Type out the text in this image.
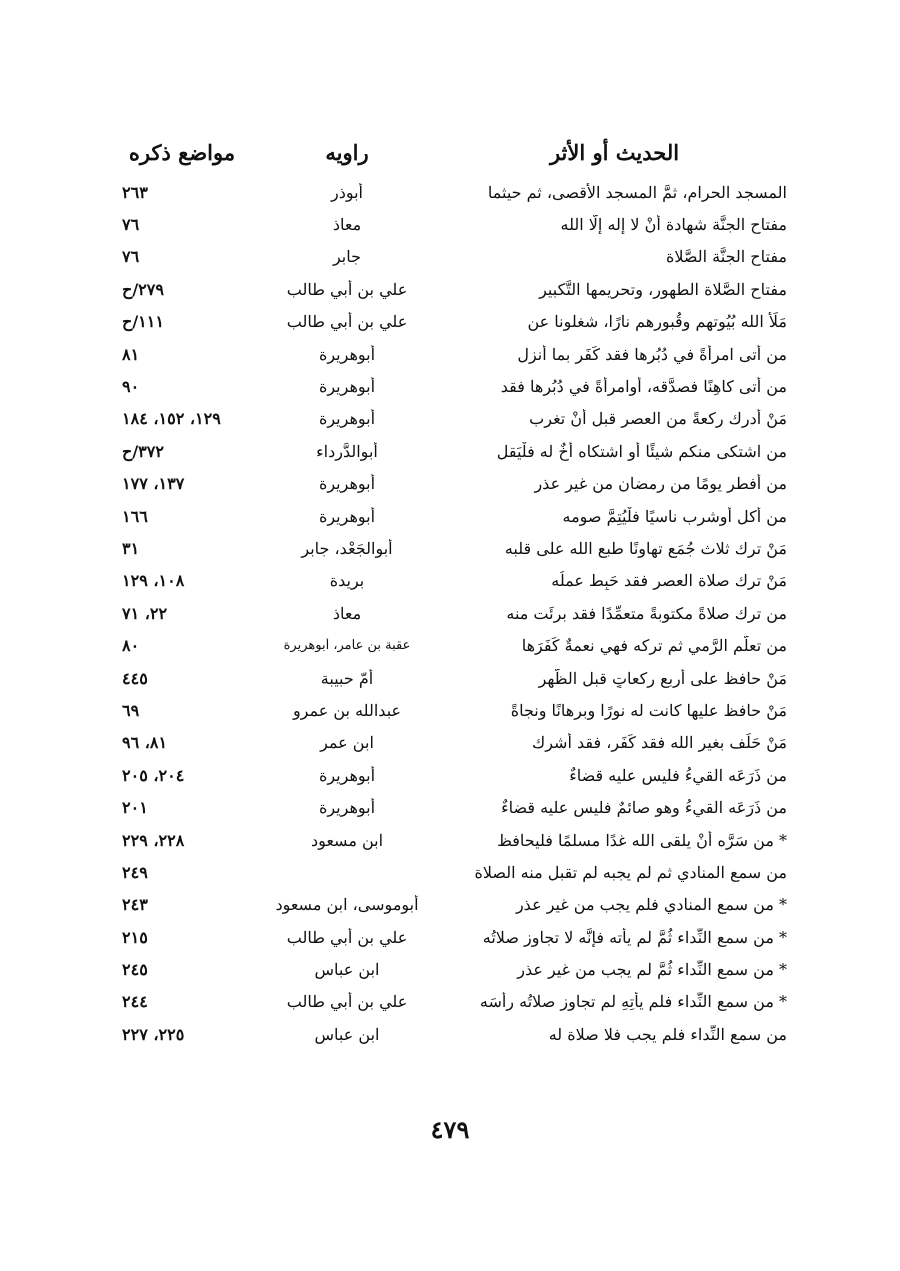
الحديث أو الأثر
راويه
مواضع ذكره
المسجد الحرام، ثمَّ المسجد الأقصى، ثم حيثما
أبوذر
٢٦٣
مفتاح الجنَّة شهادة أنْ لا إله إلَّا الله
معاذ
٧٦
مفتاح الجنَّة الصَّلاة
جابر
٧٦
مفتاح الصَّلاة الطهور، وتحريمها التَّكبير
علي بن أبي طالب
٢٧٩/ح
مَلَأَ الله بُيُوتهم وقُبورهم نارًا، شغلونا عن
علي بن أبي طالب
١١١/ح
من أتى امرأةً في دُبُرها فقد كَفَر بما أُنزل
أبوهريرة
٨١
من أتى كاهِنًا فصدَّقه، أوامرأةً في دُبُرها فقد
أبوهريرة
٩٠
مَنْ أدرك ركعةً من العصر قبل أنْ تغرب
أبوهريرة
١٢٩، ١٥٢، ١٨٤
من اشتكى منكم شيئًا أو اشتكاه أخٌ له فلْيَقل
أبوالدَّرداء
٣٧٢/ح
من أفطر يومًا من رمضان من غير عذرٍ
أبوهريرة
١٣٧، ١٧٧
من أكل أوشرب ناسيًا فلْيُتِمَّ صومه
أبوهريرة
١٦٦
مَنْ ترك ثلاث جُمَعٍ تهاونًا طبع الله على قلبه
أبوالجَعْد، جابر
٣١
مَنْ ترك صلاة العصر فقد حَبِط عملُه
بريدة
١٠٨، ١٢٩
من ترك صلاةً مكتوبةً متعمِّدًا فقد برِئَت منه
معاذ
٢٢، ٧١
من تعلَّم الرَّمي ثم تركه فهي نعمةٌ كَفَرَها
عقبة بن عامر، أبوهريرة
٨٠
مَنْ حافظ على أربع ركعاتٍ قبل الظُّهر
أمّ حبيبة
٤٤٥
مَنْ حافظ عليها كانت له نورًا وبرهانًا ونجاةً
عبدالله بن عمرو
٦٩
مَنْ حَلَف بغير الله فقد كَفَر، فقد أشرك
ابن عمر
٨١، ٩٦
من ذَرَعَه القيءُ فليس عليه قضاءٌ
أبوهريرة
٢٠٤، ٢٠٥
من ذَرَعَه القيءُ وهو صائمٌ فليس عليه قضاءٌ
أبوهريرة
٢٠١
* من سَرَّه أنْ يلقى الله غدًا مسلمًا فليحافظ
ابن مسعود
٢٢٨، ٢٢٩
من سمع المنادي ثم لم يجبه لم تقبل منه الصلاة
٢٤٩
* من سمع المنادي فلم يجب من غير عذرٍ
أبوموسى، ابن مسعود
٢٤٣
* من سمع النِّداء ثُمَّ لم يأته فإنَّه لا تجاوز صلاتُه
علي بن أبي طالب
٢١٥
* من سمع النِّداء ثُمَّ لم يجب من غير عذرٍ
ابن عباس
٢٤٥
* من سمع النِّداء فلم يأْتِهِ لم تجاوز صلاتُه رأْسَه
علي بن أبي طالب
٢٤٤
من سمع النِّداء فلم يجب فلا صلاة له
ابن عباس
٢٢٥، ٢٢٧
٤٧٩
